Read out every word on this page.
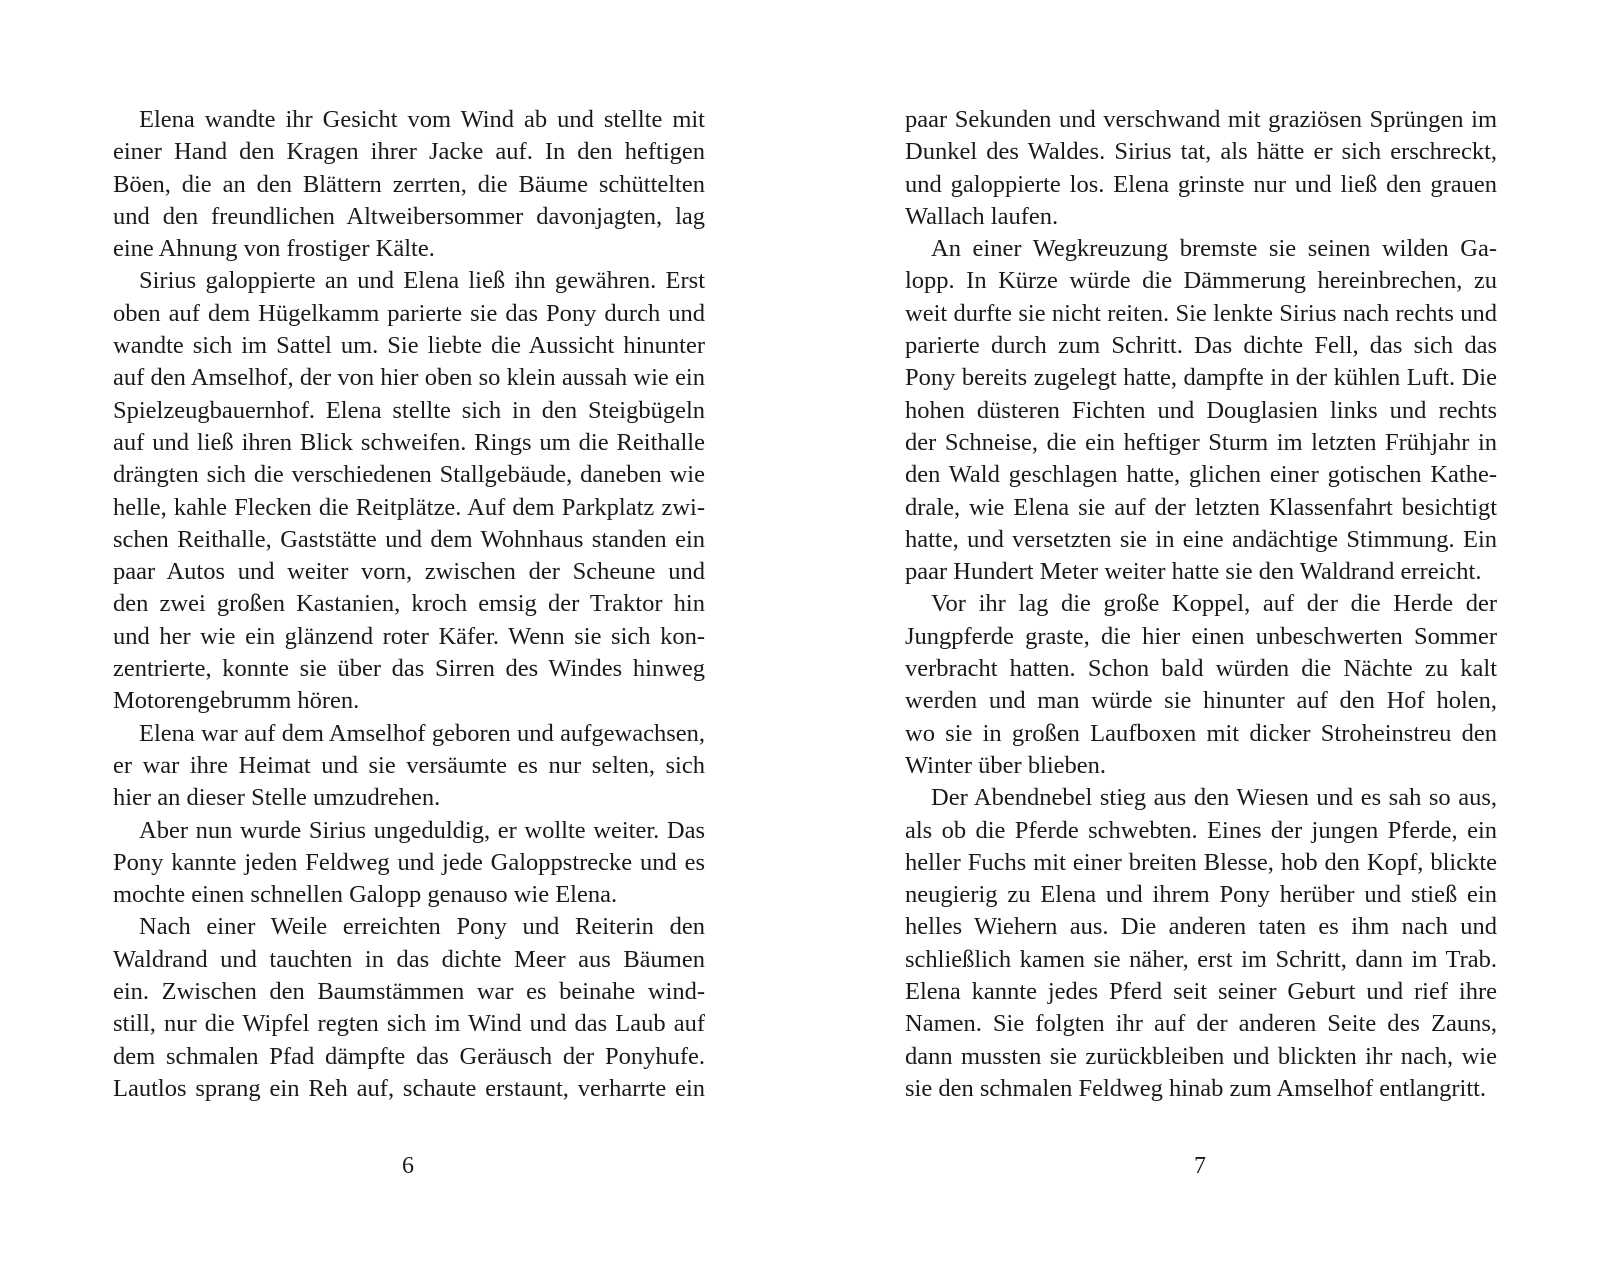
Elena wandte ihr Gesicht vom Wind ab und stellte mit
einer Hand den Kragen ihrer Jacke auf. In den heftigen
Böen, die an den Blättern zerrten, die Bäume schüttelten
und den freundlichen Altweibersommer davonjagten, lag
eine Ahnung von frostiger Kälte.
Sirius galoppierte an und Elena ließ ihn gewähren. Erst
oben auf dem Hügelkamm parierte sie das Pony durch und
wandte sich im Sattel um. Sie liebte die Aussicht hinunter
auf den Amselhof, der von hier oben so klein aussah wie ein
Spielzeugbauernhof. Elena stellte sich in den Steigbügeln
auf und ließ ihren Blick schweifen. Rings um die Reithalle
drängten sich die verschiedenen Stallgebäude, daneben wie
helle, kahle Flecken die Reitplätze. Auf dem Parkplatz zwi-
schen Reithalle, Gaststätte und dem Wohnhaus standen ein
paar Autos und weiter vorn, zwischen der Scheune und
den zwei großen Kastanien, kroch emsig der Traktor hin
und her wie ein glänzend roter Käfer. Wenn sie sich kon-
zentrierte, konnte sie über das Sirren des Windes hinweg
Motorengebrumm hören.
Elena war auf dem Amselhof geboren und aufgewachsen,
er war ihre Heimat und sie versäumte es nur selten, sich
hier an dieser Stelle umzudrehen.
Aber nun wurde Sirius ungeduldig, er wollte weiter. Das
Pony kannte jeden Feldweg und jede Galoppstrecke und es
mochte einen schnellen Galopp genauso wie Elena.
Nach einer Weile erreichten Pony und Reiterin den
Waldrand und tauchten in das dichte Meer aus Bäumen
ein. Zwischen den Baumstämmen war es beinahe wind-
still, nur die Wipfel regten sich im Wind und das Laub auf
dem schmalen Pfad dämpfte das Geräusch der Ponyhufe.
Lautlos sprang ein Reh auf, schaute erstaunt, verharrte ein
paar Sekunden und verschwand mit graziösen Sprüngen im
Dunkel des Waldes. Sirius tat, als hätte er sich erschreckt,
und galoppierte los. Elena grinste nur und ließ den grauen
Wallach laufen.
An einer Wegkreuzung bremste sie seinen wilden Ga-
lopp. In Kürze würde die Dämmerung hereinbrechen, zu
weit durfte sie nicht reiten. Sie lenkte Sirius nach rechts und
parierte durch zum Schritt. Das dichte Fell, das sich das
Pony bereits zugelegt hatte, dampfte in der kühlen Luft. Die
hohen düsteren Fichten und Douglasien links und rechts
der Schneise, die ein heftiger Sturm im letzten Frühjahr in
den Wald geschlagen hatte, glichen einer gotischen Kathe-
drale, wie Elena sie auf der letzten Klassenfahrt besichtigt
hatte, und versetzten sie in eine andächtige Stimmung. Ein
paar Hundert Meter weiter hatte sie den Waldrand erreicht.
Vor ihr lag die große Koppel, auf der die Herde der
Jungpferde graste, die hier einen unbeschwerten Sommer
verbracht hatten. Schon bald würden die Nächte zu kalt
werden und man würde sie hinunter auf den Hof holen,
wo sie in großen Laufboxen mit dicker Stroheinstreu den
Winter über blieben.
Der Abendnebel stieg aus den Wiesen und es sah so aus,
als ob die Pferde schwebten. Eines der jungen Pferde, ein
heller Fuchs mit einer breiten Blesse, hob den Kopf, blickte
neugierig zu Elena und ihrem Pony herüber und stieß ein
helles Wiehern aus. Die anderen taten es ihm nach und
schließlich kamen sie näher, erst im Schritt, dann im Trab.
Elena kannte jedes Pferd seit seiner Geburt und rief ihre
Namen. Sie folgten ihr auf der anderen Seite des Zauns,
dann mussten sie zurückbleiben und blickten ihr nach, wie
sie den schmalen Feldweg hinab zum Amselhof entlangritt.
6	7
